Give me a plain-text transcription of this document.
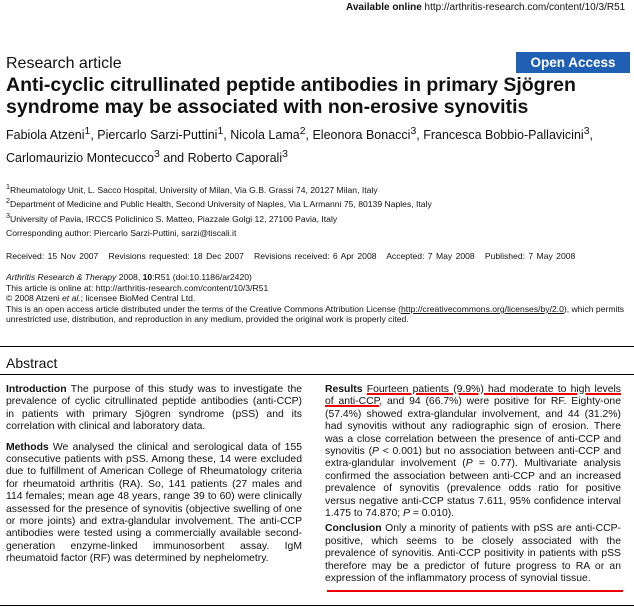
Available online http://arthritis-research.com/content/10/3/R51
Research article	Open Access
Anti-cyclic citrullinated peptide antibodies in primary Sjögren syndrome may be associated with non-erosive synovitis
Fabiola Atzeni$^1$, Piercarlo Sarzi-Puttini$^1$, Nicola Lama$^2$, Eleonora Bonacci$^3$, Francesca Bobbio-Pallavicini$^3$, Carlomaurizio Montecucco$^3$ and Roberto Caporali$^3$
$^1$Rheumatology Unit, L. Sacco Hospital, University of Milan, Via G.B. Grassi 74, 20127 Milan, Italy
$^2$Department of Medicine and Public Health, Second University of Naples, Via L Armanni 75, 80139 Naples, Italy
$^3$University of Pavia, IRCCS Policlinico S. Matteo, Piazzale Golgi 12, 27100 Pavia, Italy
Corresponding author: Piercarlo Sarzi-Puttini, sarzi@tiscali.it
Received: 15 Nov 2007   Revisions requested: 18 Dec 2007   Revisions received: 6 Apr 2008   Accepted: 7 May 2008   Published: 7 May 2008
Arthritis Research & Therapy 2008, 10:R51 (doi:10.1186/ar2420)
This article is online at: http://arthritis-research.com/content/10/3/R51
© 2008 Atzeni et al.; licensee BioMed Central Ltd.
This is an open access article distributed under the terms of the Creative Commons Attribution License (http://creativecommons.org/licenses/by/2.0), which permits unrestricted use, distribution, and reproduction in any medium, provided the original work is properly cited.
Abstract

Introduction The purpose of this study was to investigate the prevalence of cyclic citrullinated peptide antibodies (anti-CCP) in patients with primary Sjögren syndrome (pSS) and its correlation with clinical and laboratory data.

Methods We analysed the clinical and serological data of 155 consecutive patients with pSS. Among these, 14 were excluded due to fulfillment of American College of Rheumatology criteria for rheumatoid arthritis (RA). So, 141 patients (27 males and 114 females; mean age 48 years, range 39 to 60) were clinically assessed for the presence of synovitis (objective swelling of one or more joints) and extra-glandular involvement. The anti-CCP antibodies were tested using a commercially available second-generation enzyme-linked immunosorbent assay. IgM rheumatoid factor (RF) was determined by nephelometry.

Results Fourteen patients (9.9%) had moderate to high levels of anti-CCP, and 94 (66.7%) were positive for RF. Eighty-one (57.4%) showed extra-glandular involvement, and 44 (31.2%) had synovitis without any radiographic sign of erosion. There was a close correlation between the presence of anti-CCP and synovitis (P < 0.001) but no association between anti-CCP and extra-glandular involvement (P = 0.77). Multivariate analysis confirmed the association between anti-CCP and an increased prevalence of synovitis (prevalence odds ratio for positive versus negative anti-CCP status 7.611, 95% confidence interval 1.475 to 74.870; P = 0.010).

Conclusion Only a minority of patients with pSS are anti-CCP-positive, which seems to be closely associated with the prevalence of synovitis. Anti-CCP positivity in patients with pSS therefore may be a predictor of future progress to RA or an expression of the inflammatory process of synovial tissue.
